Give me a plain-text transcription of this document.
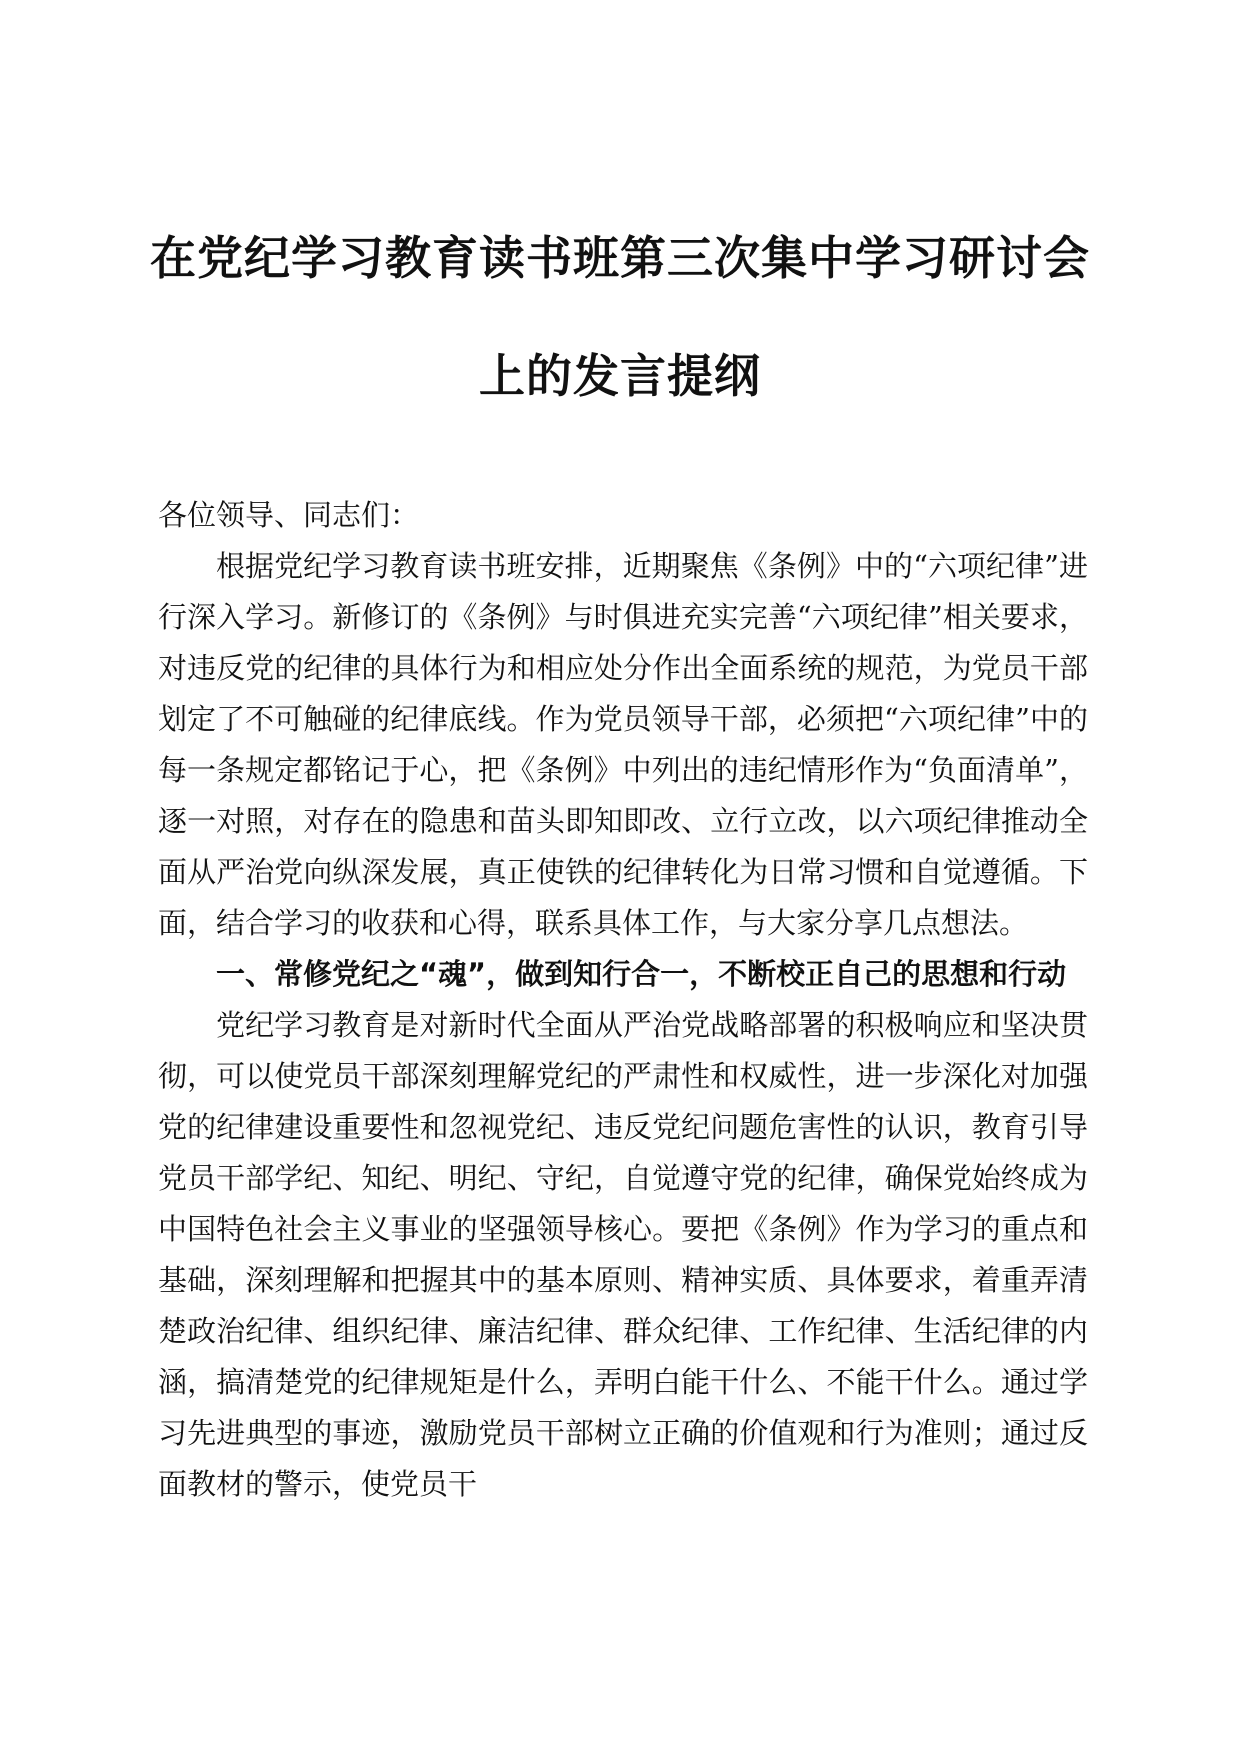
在党纪学习教育读书班第三次集中学习研讨会
上的发言提纲

各位领导、同志们：

根据党纪学习教育读书班安排，近期聚焦《条例》中的“六项纪律”进行深入学习。新修订的《条例》与时俱进充实完善“六项纪律”相关要求，对违反党的纪律的具体行为和相应处分作出全面系统的规范，为党员干部划定了不可触碰的纪律底线。作为党员领导干部，必须把“六项纪律”中的每一条规定都铭记于心，把《条例》中列出的违纪情形作为“负面清单”，逐一对照，对存在的隐患和苗头即知即改、立行立改，以六项纪律推动全面从严治党向纵深发展，真正使铁的纪律转化为日常习惯和自觉遵循。下面，结合学习的收获和心得，联系具体工作，与大家分享几点想法。

一、常修党纪之“魂”，做到知行合一，不断校正自己的思想和行动

党纪学习教育是对新时代全面从严治党战略部署的积极响应和坚决贯彻，可以使党员干部深刻理解党纪的严肃性和权威性，进一步深化对加强党的纪律建设重要性和忽视党纪、违反党纪问题危害性的认识，教育引导党员干部学纪、知纪、明纪、守纪，自觉遵守党的纪律，确保党始终成为中国特色社会主义事业的坚强领导核心。要把《条例》作为学习的重点和基础，深刻理解和把握其中的基本原则、精神实质、具体要求，着重弄清楚政治纪律、组织纪律、廉洁纪律、群众纪律、工作纪律、生活纪律的内涵，搞清楚党的纪律规矩是什么，弄明白能干什么、不能干什么。通过学习先进典型的事迹，激励党员干部树立正确的价值观和行为准则；通过反面教材的警示，使党员干
